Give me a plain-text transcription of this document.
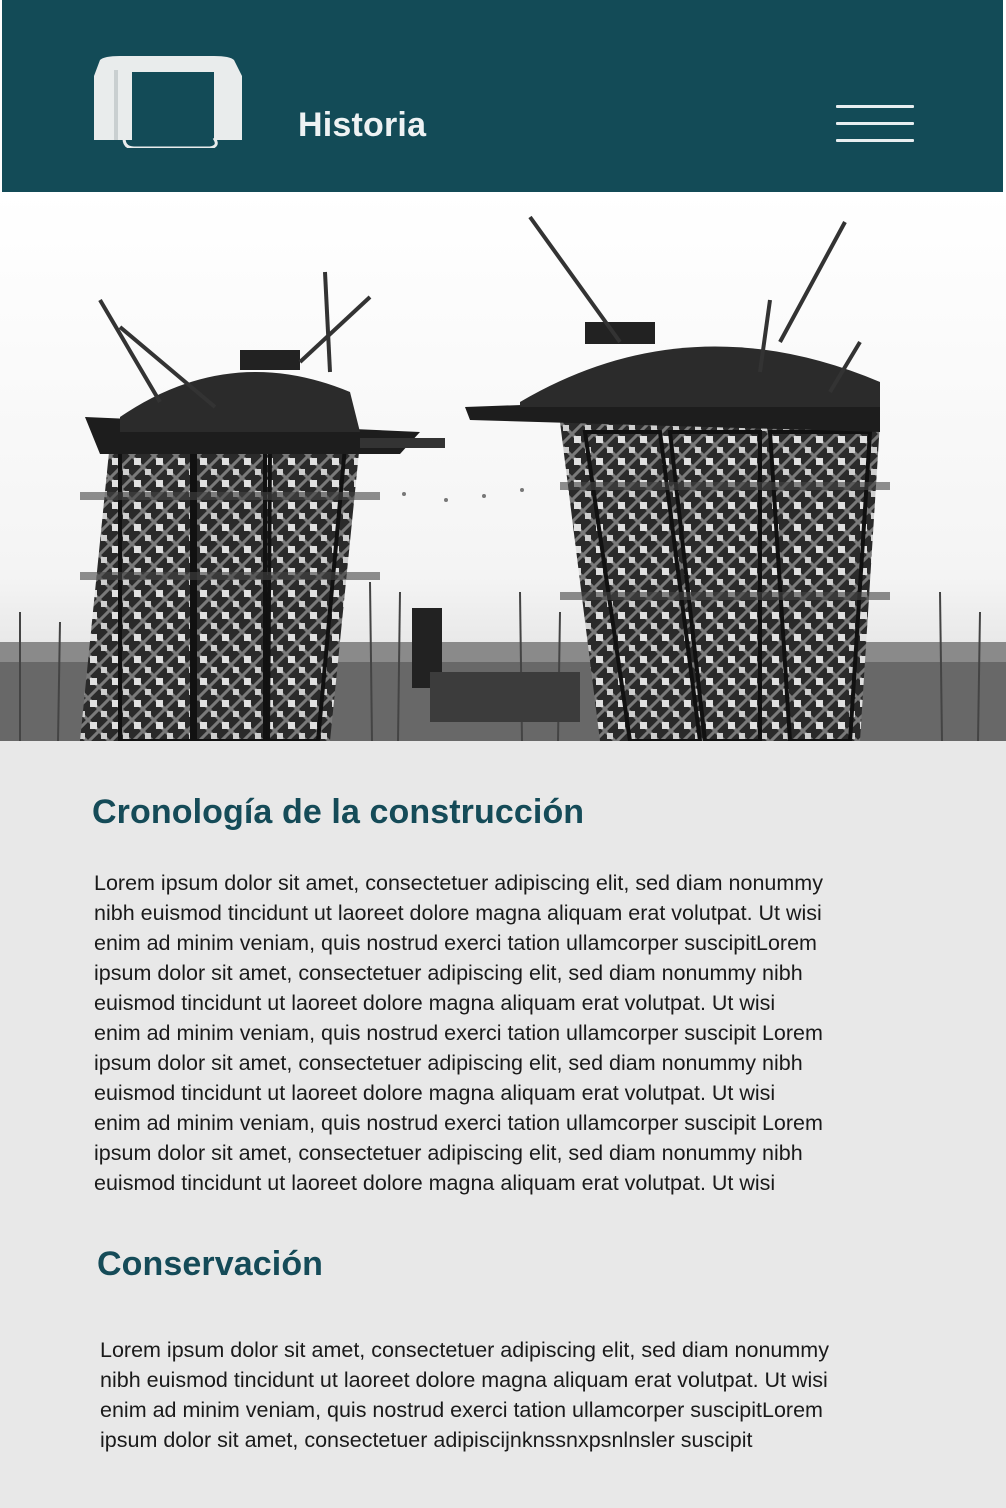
Historia
Cronología de la construcción

Lorem ipsum dolor sit amet, consectetuer adipiscing elit, sed diam nonummy
nibh euismod tincidunt ut laoreet dolore magna aliquam erat volutpat. Ut wisi
enim ad minim veniam, quis nostrud exerci tation ullamcorper suscipitLorem
ipsum dolor sit amet, consectetuer adipiscing elit, sed diam nonummy nibh
euismod tincidunt ut laoreet dolore magna aliquam erat volutpat. Ut wisi
enim ad minim veniam, quis nostrud exerci tation ullamcorper suscipit Lorem
ipsum dolor sit amet, consectetuer adipiscing elit, sed diam nonummy nibh
euismod tincidunt ut laoreet dolore magna aliquam erat volutpat. Ut wisi
enim ad minim veniam, quis nostrud exerci tation ullamcorper suscipit Lorem
ipsum dolor sit amet, consectetuer adipiscing elit, sed diam nonummy nibh
euismod tincidunt ut laoreet dolore magna aliquam erat volutpat. Ut wisi

Conservación

Lorem ipsum dolor sit amet, consectetuer adipiscing elit, sed diam nonummy
nibh euismod tincidunt ut laoreet dolore magna aliquam erat volutpat. Ut wisi
enim ad minim veniam, quis nostrud exerci tation ullamcorper suscipitLorem
ipsum dolor sit amet, consectetuer adipiscijnknssnxpsnlnsler suscipit
